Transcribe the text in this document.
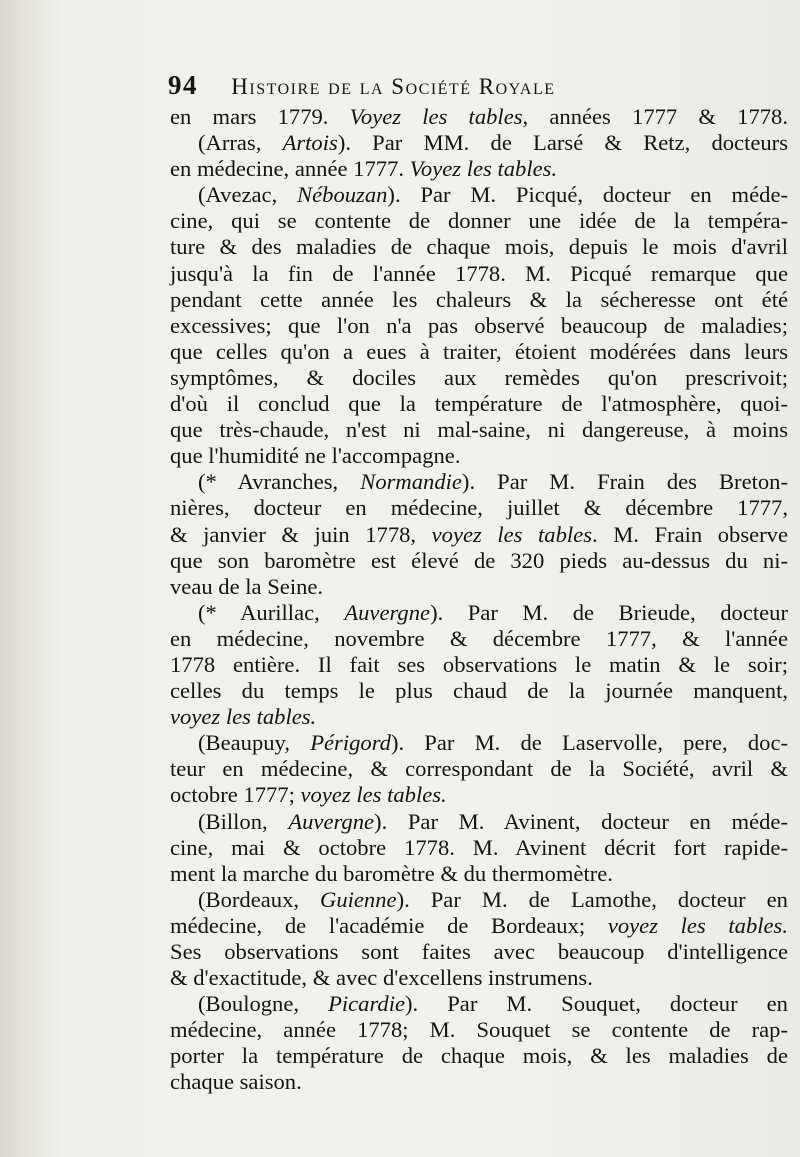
94 Histoire de la Société Royale
en mars 1779. Voyez les tables, années 1777 & 1778.
(Arras, Artois). Par MM. de Larsé & Retz, docteurs
en médecine, année 1777. Voyez les tables.
(Avezac, Nébouzan). Par M. Picqué, docteur en méde-
cine, qui se contente de donner une idée de la tempéra-
ture & des maladies de chaque mois, depuis le mois d'avril
jusqu'à la fin de l'année 1778. M. Picqué remarque que
pendant cette année les chaleurs & la sécheresse ont été
excessives; que l'on n'a pas observé beaucoup de maladies;
que celles qu'on a eues à traiter, étoient modérées dans leurs
symptômes, & dociles aux remèdes qu'on prescrivoit;
d'où il conclud que la température de l'atmosphère, quoi-
que très-chaude, n'est ni mal-saine, ni dangereuse, à moins
que l'humidité ne l'accompagne.
(* Avranches, Normandie). Par M. Frain des Breton-
nières, docteur en médecine, juillet & décembre 1777,
& janvier & juin 1778, voyez les tables. M. Frain observe
que son baromètre est élevé de 320 pieds au-dessus du ni-
veau de la Seine.
(* Aurillac, Auvergne). Par M. de Brieude, docteur
en médecine, novembre & décembre 1777, & l'année
1778 entière. Il fait ses observations le matin & le soir;
celles du temps le plus chaud de la journée manquent,
voyez les tables.
(Beaupuy, Périgord). Par M. de Laservolle, pere, doc-
teur en médecine, & correspondant de la Société, avril &
octobre 1777; voyez les tables.
(Billon, Auvergne). Par M. Avinent, docteur en méde-
cine, mai & octobre 1778. M. Avinent décrit fort rapide-
ment la marche du baromètre & du thermomètre.
(Bordeaux, Guienne). Par M. de Lamothe, docteur en
médecine, de l'académie de Bordeaux; voyez les tables.
Ses observations sont faites avec beaucoup d'intelligence
& d'exactitude, & avec d'excellens instrumens.
(Boulogne, Picardie). Par M. Souquet, docteur en
médecine, année 1778; M. Souquet se contente de rap-
porter la température de chaque mois, & les maladies de
chaque saison.
